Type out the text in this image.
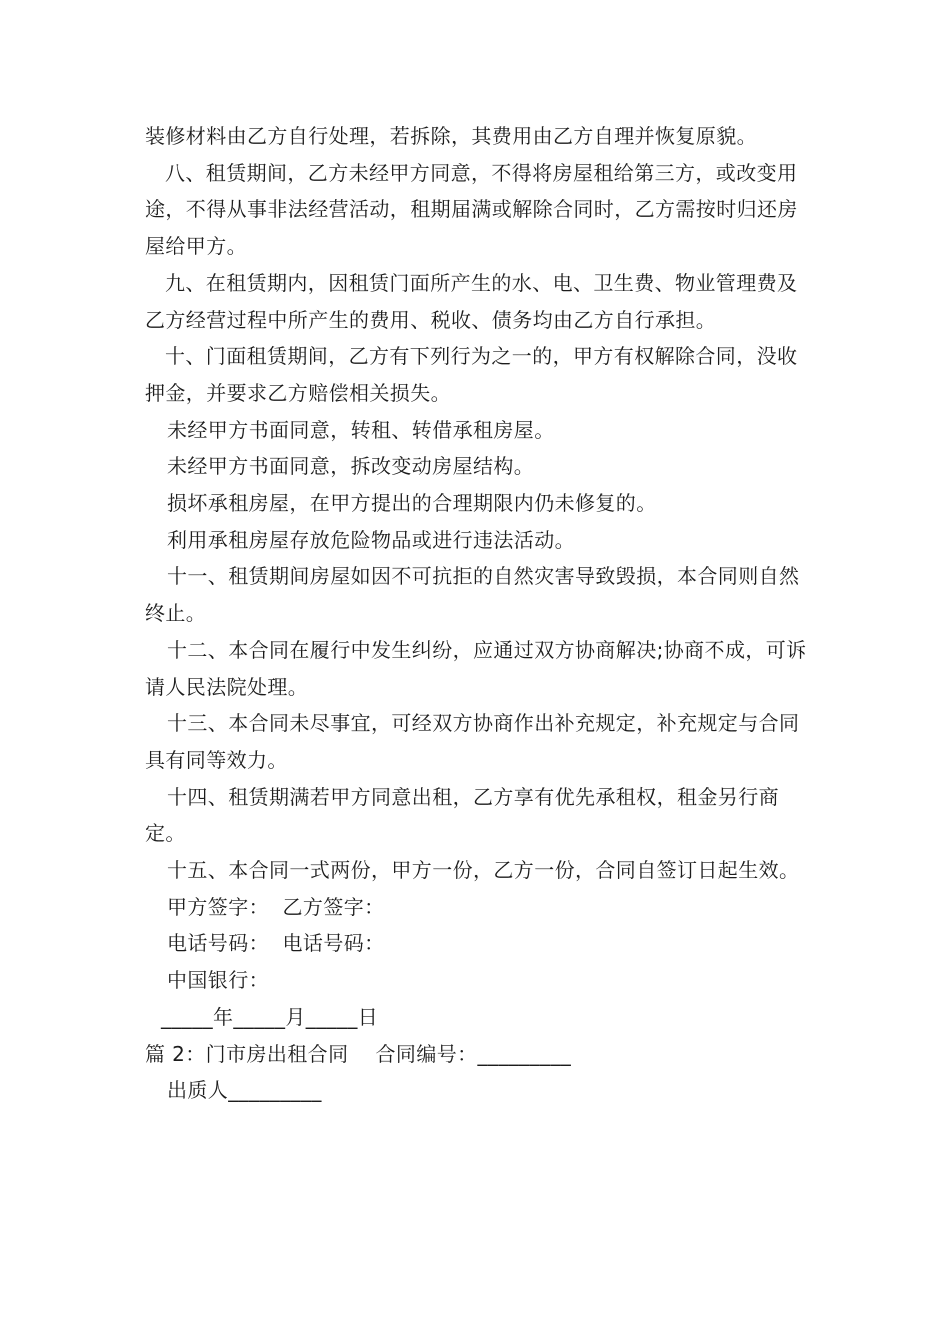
装修材料由乙方自行处理，若拆除，其费用由乙方自理并恢复原貌。

八、租赁期间，乙方未经甲方同意，不得将房屋租给第三方，或改变用途，不得从事非法经营活动，租期届满或解除合同时，乙方需按时归还房屋给甲方。

九、在租赁期内，因租赁门面所产生的水、电、卫生费、物业管理费及乙方经营过程中所产生的费用、税收、债务均由乙方自行承担。

十、门面租赁期间，乙方有下列行为之一的，甲方有权解除合同，没收押金，并要求乙方赔偿相关损失。

未经甲方书面同意，转租、转借承租房屋。

未经甲方书面同意，拆改变动房屋结构。

损坏承租房屋，在甲方提出的合理期限内仍未修复的。

利用承租房屋存放危险物品或进行违法活动。

十一、租赁期间房屋如因不可抗拒的自然灾害导致毁损，本合同则自然终止。

十二、本合同在履行中发生纠纷，应通过双方协商解决;协商不成，可诉请人民法院处理。

十三、本合同未尽事宜，可经双方协商作出补充规定，补充规定与合同具有同等效力。

十四、租赁期满若甲方同意出租，乙方享有优先承租权，租金另行商定。

十五、本合同一式两份，甲方一份，乙方一份，合同自签订日起生效。

甲方签字： 乙方签字：

电话号码： 电话号码：

中国银行：

_____年_____月_____日

篇 2：门市房出租合同 合同编号：_________

出质人_________
